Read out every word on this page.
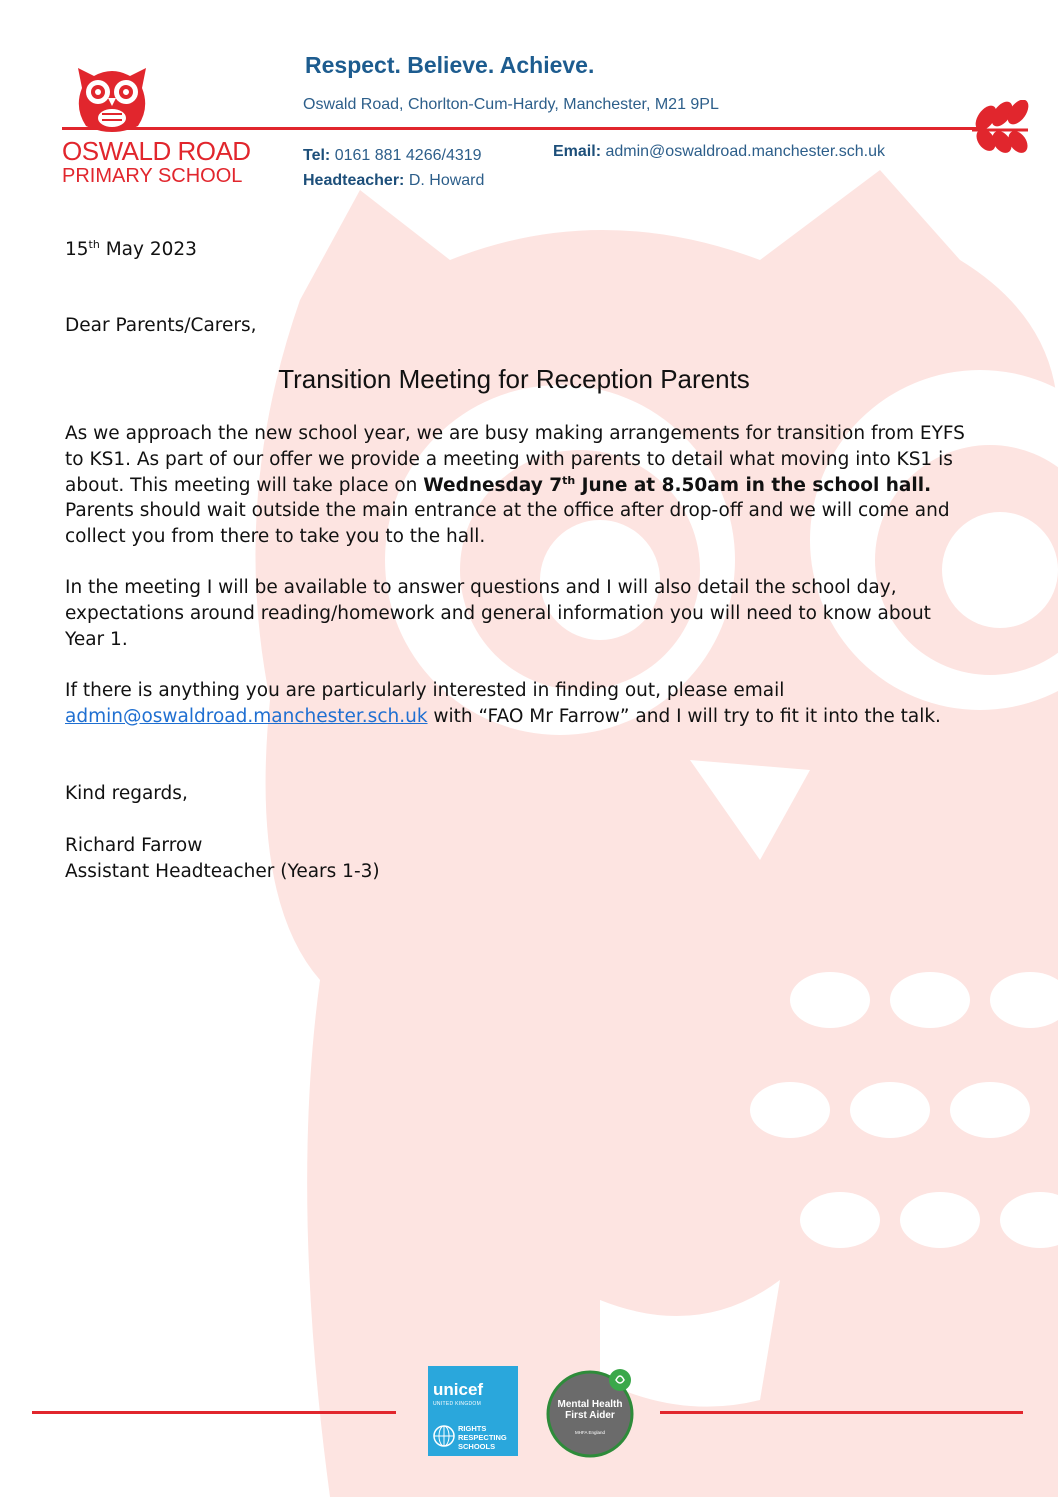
OSWALD ROAD
PRIMARY SCHOOL
Respect. Believe. Achieve.
Oswald Road, Chorlton-Cum-Hardy, Manchester, M21 9PL
Tel: 0161 881 4266/4319
Headteacher: D. Howard
Email: admin@oswaldroad.manchester.sch.uk
15th May 2023
Dear Parents/Carers,
Transition Meeting for Reception Parents
As we approach the new school year, we are busy making arrangements for transition from EYFS to KS1. As part of our offer we provide a meeting with parents to detail what moving into KS1 is about. This meeting will take place on Wednesday 7th June at 8.50am in the school hall. Parents should wait outside the main entrance at the office after drop-off and we will come and collect you from there to take you to the hall.
In the meeting I will be available to answer questions and I will also detail the school day, expectations around reading/homework and general information you will need to know about Year 1.
If there is anything you are particularly interested in finding out, please email admin@oswaldroad.manchester.sch.uk with “FAO Mr Farrow” and I will try to fit it into the talk.
Kind regards,
Richard Farrow
Assistant Headteacher (Years 1-3)
unicef
UNITED KINGDOM
RIGHTS
RESPECTING
SCHOOLS
Mental Health
First Aider
MHFA England
